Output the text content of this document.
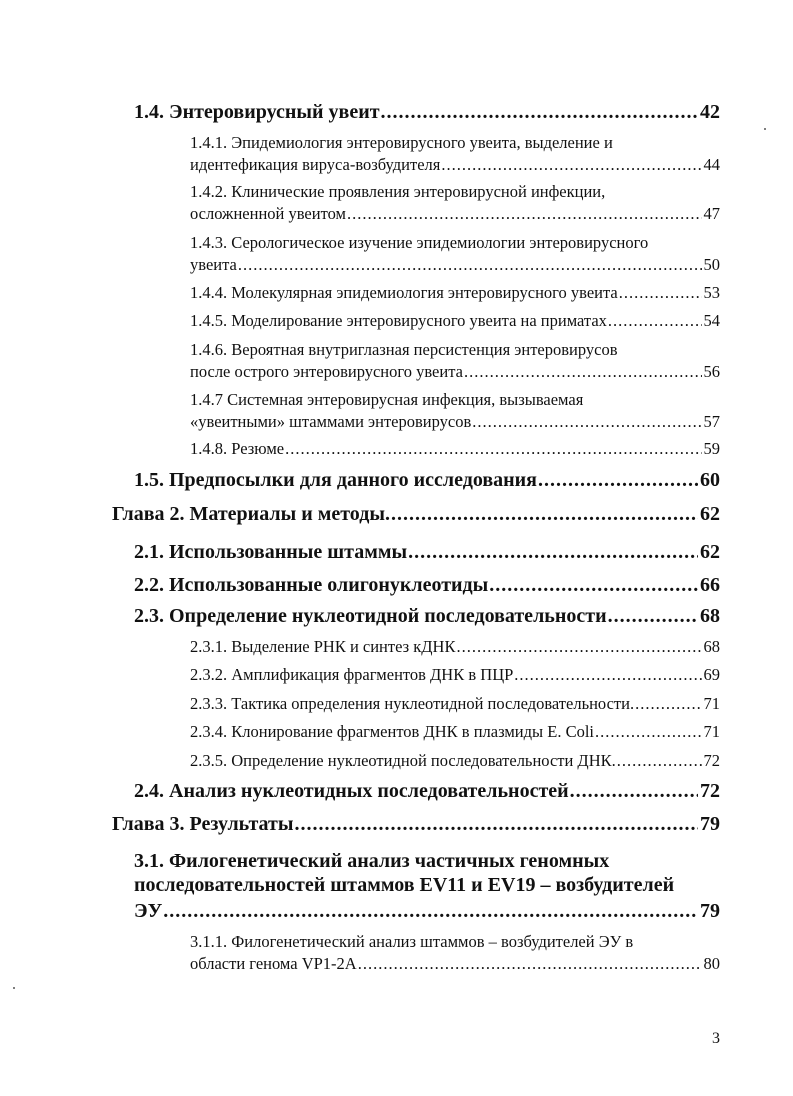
1.4. Энтеровирусный увеит .....	42
1.4.1. Эпидемиология энтеровирусного увеита, выделение и
идентефикация вируса-возбудителя .....	44
1.4.2. Клинические проявления энтеровирусной инфекции,
осложненной увеитом .....	47
1.4.3. Серологическое изучение эпидемиологии энтеровирусного
увеита .....	50
1.4.4. Молекулярная эпидемиология энтеровирусного увеита .....	53
1.4.5. Моделирование энтеровирусного увеита на приматах .....	54
1.4.6. Вероятная внутриглазная персистенция энтеровирусов
после острого энтеровирусного увеита .....	56
1.4.7 Системная энтеровирусная инфекция, вызываемая
«увеитными» штаммами энтеровирусов .....	57
1.4.8. Резюме .....	59
1.5. Предпосылки для данного исследования .....	60
Глава 2. Материалы и методы. .....	62
2.1. Использованные штаммы .....	62
2.2. Использованные олигонуклеотиды .....	66
2.3. Определение нуклеотидной последовательности .....	68
2.3.1. Выделение РНК и синтез кДНК .....	68
2.3.2. Амплификация фрагментов ДНК в ПЦР .....	69
2.3.3. Тактика определения нуклеотидной последовательности. .....	71
2.3.4. Клонирование фрагментов ДНК в плазмиды E. Coli .....	71
2.3.5. Определение нуклеотидной последовательности ДНК. .....	72
2.4. Анализ нуклеотидных последовательностей .....	72
Глава 3. Результаты .....	79
3.1. Филогенетический анализ частичных геномных
последовательностей штаммов EV11 и EV19 – возбудителей
ЭУ .....	79
3.1.1. Филогенетический анализ штаммов – возбудителей ЭУ в
области генома VP1-2A .....	80
3
